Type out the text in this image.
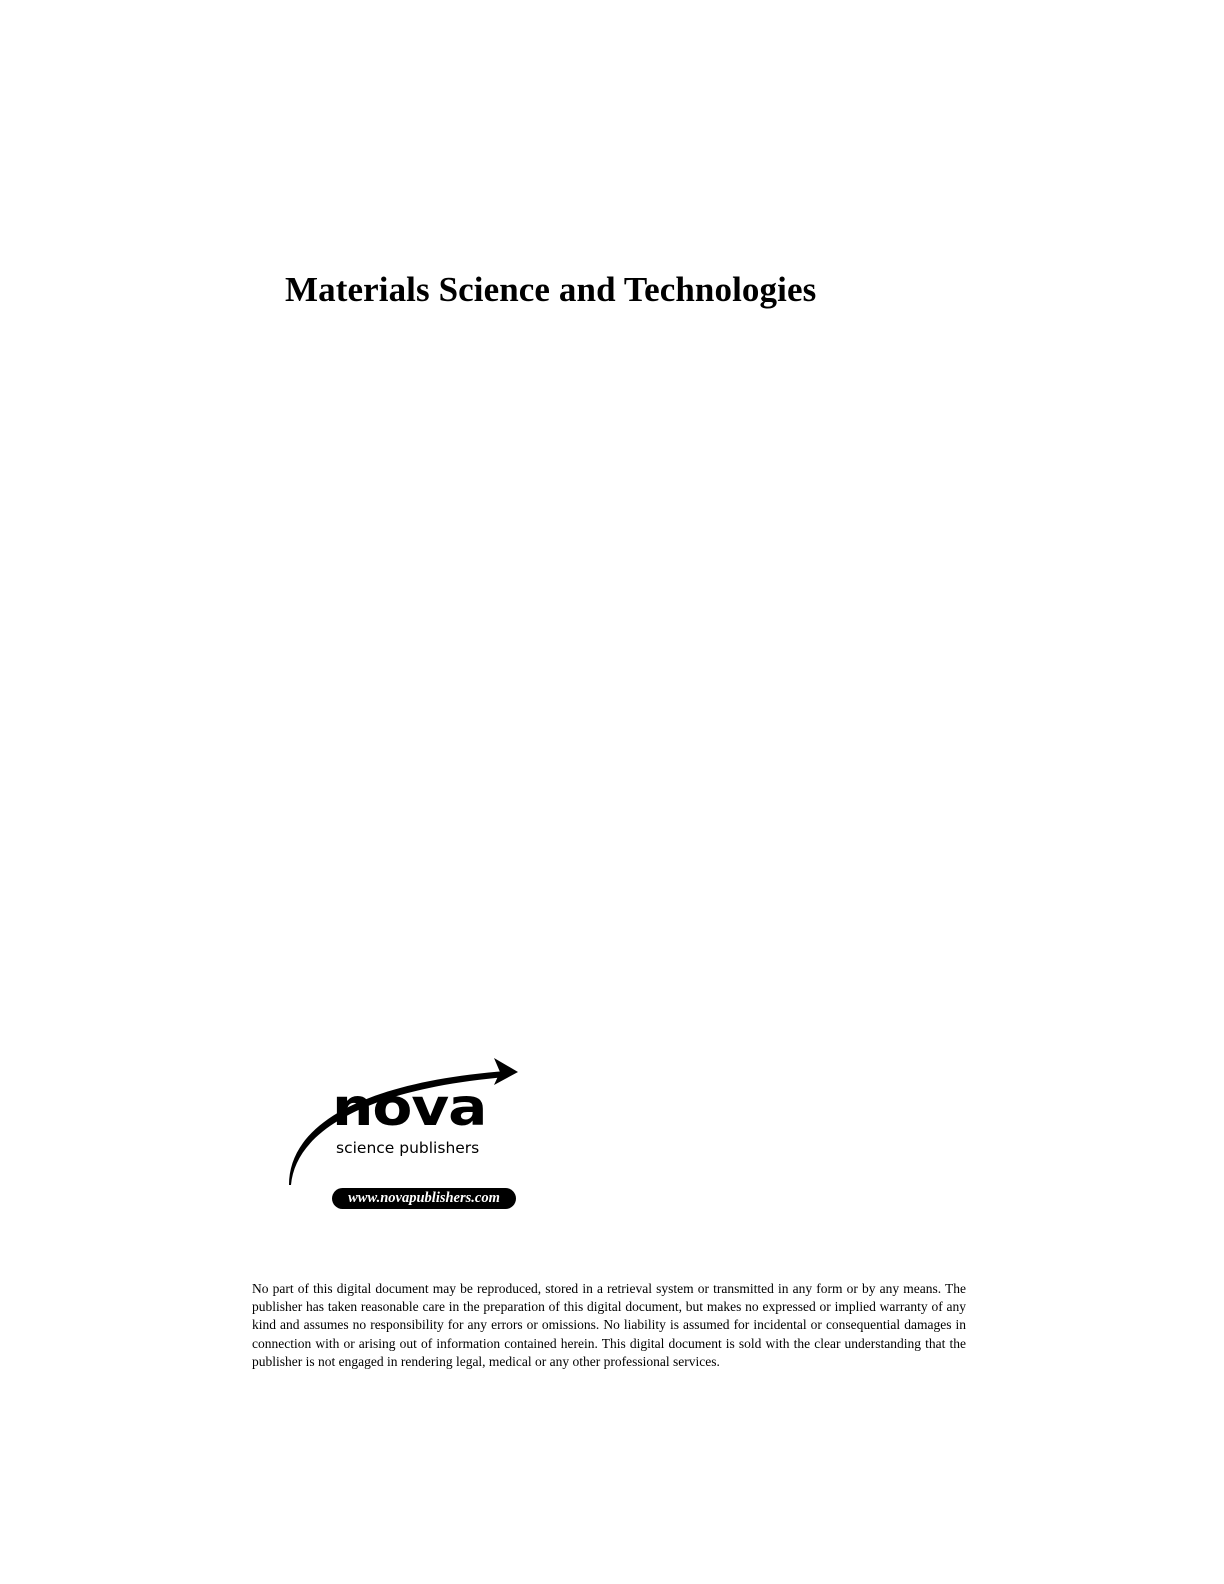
Materials Science and Technologies
nova
science publishers
www.novapublishers.com

No part of this digital document may be reproduced, stored in a retrieval system or transmitted in any form or by any means. The publisher has taken reasonable care in the preparation of this digital document, but makes no expressed or implied warranty of any kind and assumes no responsibility for any errors or omissions. No liability is assumed for incidental or consequential damages in connection with or arising out of information contained herein. This digital document is sold with the clear understanding that the publisher is not engaged in rendering legal, medical or any other professional services.
